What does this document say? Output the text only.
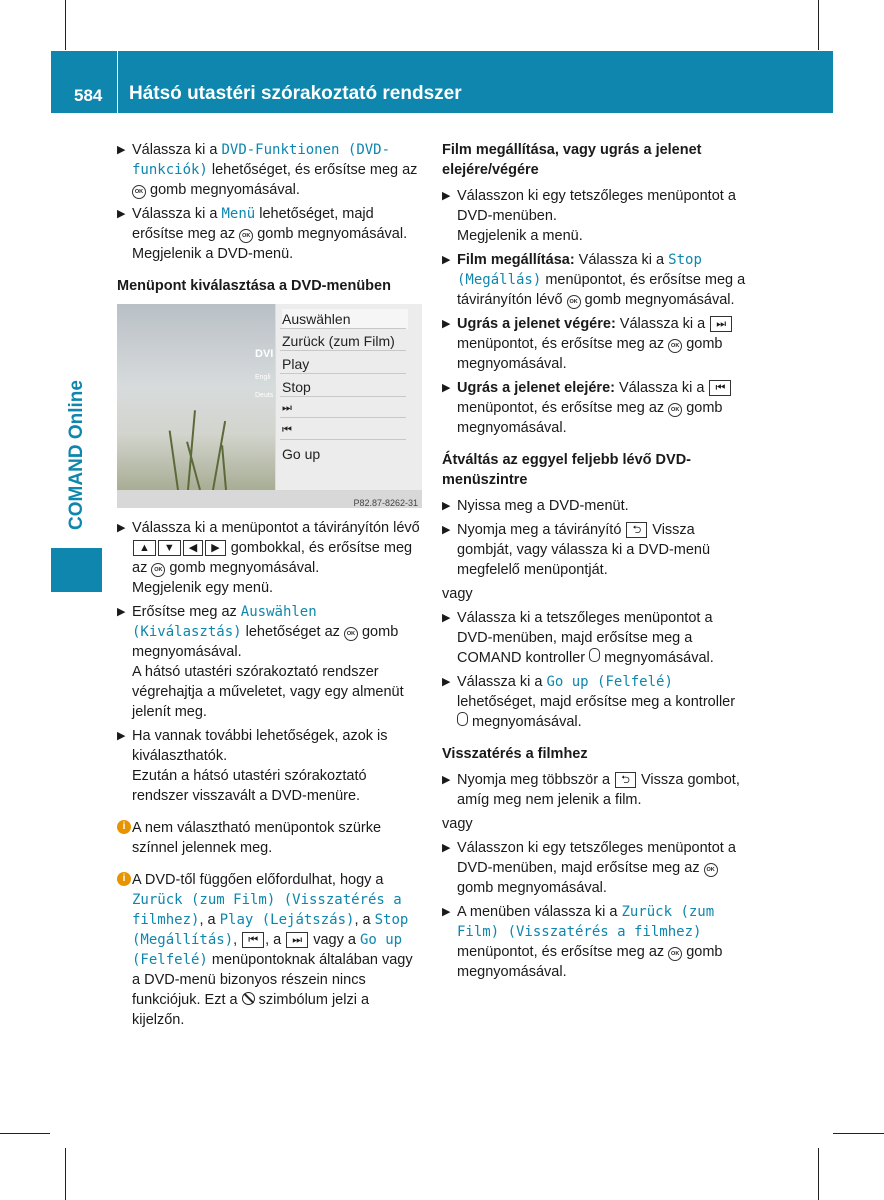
584 Hátsó utastéri szórakoztató rendszer
COMAND Online
▶ Válassza ki a DVD-Funktionen (DVD-funkciók) lehetőséget, és erősítse meg az OK gomb megnyomásával.
▶ Válassza ki a Menü lehetőséget, majd erősítse meg az OK gomb megnyomásával.
Megjelenik a DVD-menü.
Menüpont kiválasztása a DVD-menüben
DVI
Engli
Deuts
Auswählen
Zurück (zum Film)
Play
Stop
⏭
⏮
Go up
P82.87-8262-31
▶ Válassza ki a menüpontot a távirányítón lévő ▲ ▼ ◀ ▶ gombokkal, és erősítse meg az OK gomb megnyomásával.
Megjelenik egy menü.
▶ Erősítse meg az Auswählen (Kiválasztás) lehetőséget az OK gomb megnyomásával.
A hátsó utastéri szórakoztató rendszer végrehajtja a műveletet, vagy egy almenüt jelenít meg.
▶ Ha vannak további lehetőségek, azok is kiválaszthatók.
Ezután a hátsó utastéri szórakoztató rendszer visszavált a DVD-menüre.
i A nem választható menüpontok szürke színnel jelennek meg.
i A DVD-től függően előfordulhat, hogy a Zurück (zum Film) (Visszatérés a filmhez), a Play (Lejátszás), a Stop (Megállítás), ⏮ , a ⏭ vagy a Go up (Felfelé) menüpontoknak általában vagy a DVD-menü bizonyos részein nincs funkciójuk. Ezt a  szimbólum jelzi a kijelzőn.
Film megállítása, vagy ugrás a jelenet elejére/végére
▶ Válasszon ki egy tetszőleges menüpontot a DVD-menüben.
Megjelenik a menü.
▶ Film megállítása: Válassza ki a Stop (Megállás) menüpontot, és erősítse meg a távirányítón lévő OK gomb megnyomásával.
▶ Ugrás a jelenet végére: Válassza ki a ⏭ menüpontot, és erősítse meg az OK gomb megnyomásával.
▶ Ugrás a jelenet elejére: Válassza ki a ⏮ menüpontot, és erősítse meg az OK gomb megnyomásával.
Átváltás az eggyel feljebb lévő DVD-menüszintre
▶ Nyissa meg a DVD-menüt.
▶ Nyomja meg a távirányító ⮌ Vissza gombját, vagy válassza ki a DVD-menü megfelelő menüpontját.
vagy
▶ Válassza ki a tetszőleges menüpontot a DVD-menüben, majd erősítse meg a COMAND kontroller  megnyomásával.
▶ Válassza ki a Go up (Felfelé) lehetőséget, majd erősítse meg a kontroller  megnyomásával.
Visszatérés a filmhez
▶ Nyomja meg többször a ⮌ Vissza gombot, amíg meg nem jelenik a film.
vagy
▶ Válasszon ki egy tetszőleges menüpontot a DVD-menüben, majd erősítse meg az OK gomb megnyomásával.
▶ A menüben válassza ki a Zurück (zum Film) (Visszatérés a filmhez) menüpontot, és erősítse meg az OK gomb megnyomásával.
